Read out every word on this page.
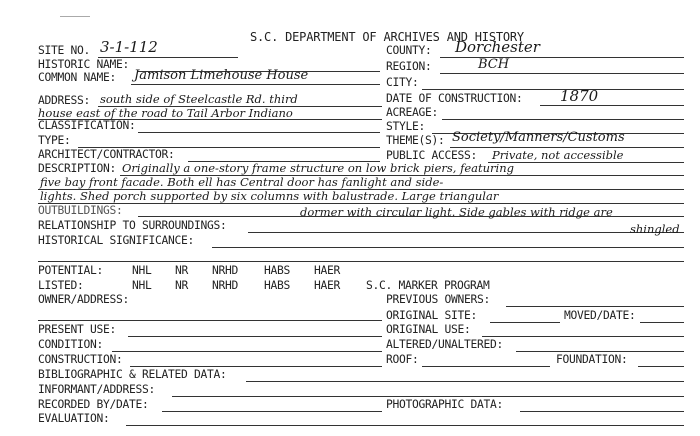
S.C. DEPARTMENT OF ARCHIVES AND HISTORY
SITE NO. 3-1-112
HISTORIC NAME:
COMMON NAME: Jamison Limehouse House
ADDRESS: south side of Steelcastle Rd. third
house east of the road to Tail Arbor Indiano
CLASSIFICATION:
TYPE:
ARCHITECT/CONTRACTOR:
COUNTY: Dorchester
REGION:	BCH
CITY:
DATE OF CONSTRUCTION: 1870
ACREAGE:
STYLE:
THEME(S): Society/Manners/Customs
PUBLIC ACCESS: Private, not accessible
DESCRIPTION: Originally a one-story frame structure on low brick piers, featuring
five bay front facade. Both ell has Central door has fanlight and side-
lights. Shed porch supported by six columns with balustrade. Large triangular
OUTBUILDINGS:	dormer with circular light. Side gables with ridge are
RELATIONSHIP TO SURROUNDINGS:	shingled
HISTORICAL SIGNIFICANCE:
POTENTIAL:	NHL NR NRHD HABS HAER
LISTED:	NHL NR NRHD HABS HAER S.C. MARKER PROGRAM
OWNER/ADDRESS:	PREVIOUS OWNERS:
ORIGINAL SITE:	MOVED/DATE:
PRESENT USE:	ORIGINAL USE:
CONDITION:	ALTERED/UNALTERED:
CONSTRUCTION:	ROOF:	FOUNDATION:
BIBLIOGRAPHIC & RELATED DATA:
INFORMANT/ADDRESS:
RECORDED BY/DATE:	PHOTOGRAPHIC DATA:
EVALUATION:
